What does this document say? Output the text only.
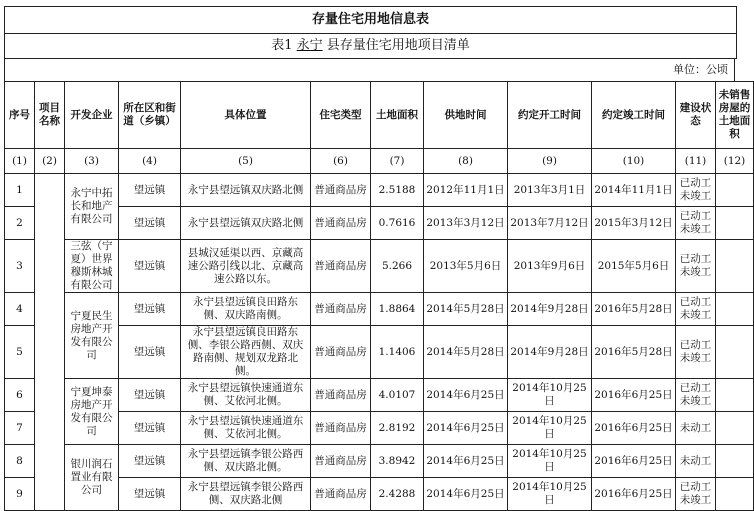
存量住宅用地信息表
表1 永宁 县存量住宅用地项目清单
单位：公顷
序号	项目名称	开发企业	所在区和街道（乡镇）	具体位置	住宅类型	土地面积	供地时间	约定开工时间	约定竣工时间	建设状态	未销售房屋的土地面积
(1)	(2)	(3)	(4)	(5)	(6)	(7)	(8)	(9)	(10)	(11)	(12)
1		永宁中拓长和地产有限公司	望远镇	永宁县望远镇双庆路北侧	普通商品房	2.5188	2012年11月1日	2013年3月1日	2014年11月1日	已动工未竣工	
2			望远镇	永宁县望远镇双庆路北侧	普通商品房	0.7616	2013年3月12日	2013年7月12日	2015年3月12日	已动工未竣工	
3		三弦（宁夏）世界穆斯林城有限公司	望远镇	县城汉延渠以西、京藏高速公路引线以北、京藏高速公路以东。	普通商品房	5.266	2013年5月6日	2013年9月6日	2015年5月6日	已动工未竣工	
4		宁夏民生房地产开发有限公司	望远镇	永宁县望远镇良田路东侧、双庆路南侧。	普通商品房	1.8864	2014年5月28日	2014年9月28日	2016年5月28日	已动工未竣工	
5			望远镇	永宁县望远镇良田路东侧、李银公路西侧、双庆路南侧、规划双龙路北侧。	普通商品房	1.1406	2014年5月28日	2014年9月28日	2016年5月28日	已动工未竣工	
6		宁夏坤泰房地产开发有限公司	望远镇	永宁县望远镇快速通道东侧、艾依河北侧。	普通商品房	4.0107	2014年6月25日	2014年10月25日	2016年6月25日	已动工未竣工	
7			望远镇	永宁县望远镇快速通道东侧、艾依河北侧。	普通商品房	2.8192	2014年6月25日	2014年10月25日	2016年6月25日	未动工	
8		银川润石置业有限公司	望远镇	永宁县望远镇李银公路西侧、双庆路北侧。	普通商品房	3.8942	2014年6月25日	2014年10月25日	2016年6月25日	未动工	
9			望远镇	永宁县望远镇李银公路西侧、双庆路北侧	普通商品房	2.4288	2014年6月25日	2014年10月25日	2016年6月25日	已动工未竣工	
